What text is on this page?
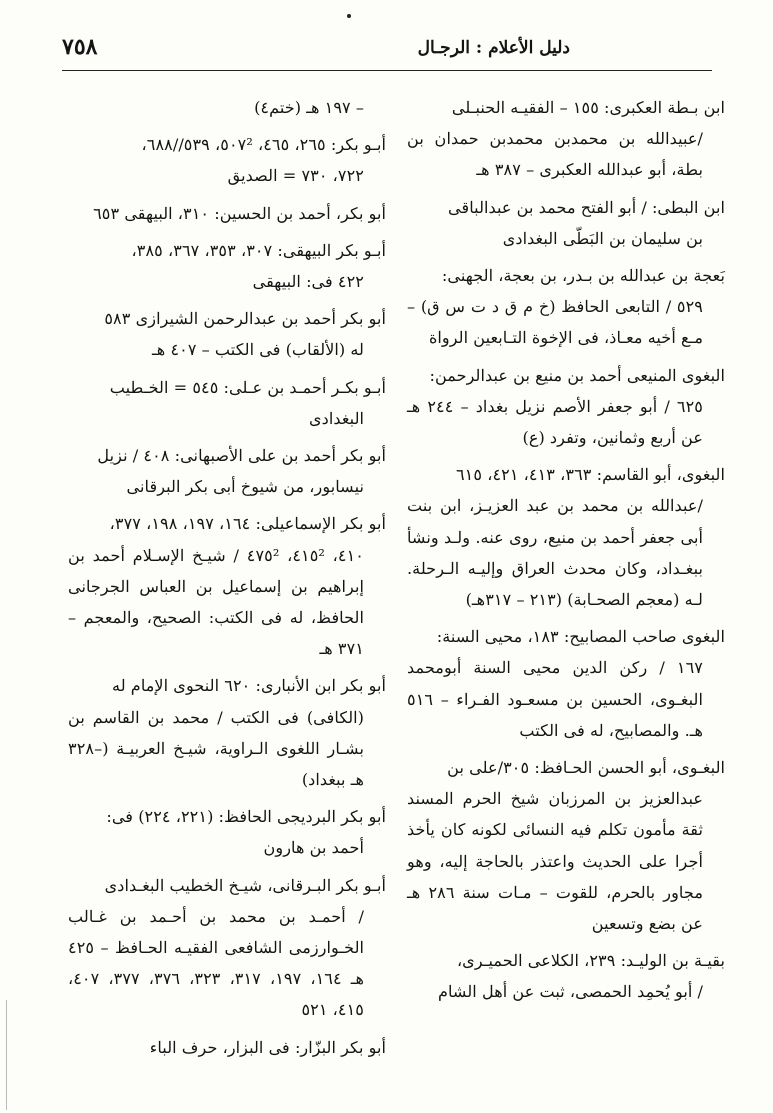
٧٥٨	دليل الأعلام : الرجـال
ابن بـطة العكبرى: ١٥٥ – الفقيـه الحنبـلى
/عبيدالله بن محمدبن محمدبن حمدان بن بطة، أبو عبدالله العكبرى – ٣٨٧ هـ
ابن البطى: / أبو الفتح محمد بن عبدالباقى
بن سليمان بن البَطّى البغدادى
بَعجة بن عبدالله بن بـدر، بن بعجة، الجهنى:
٥٢٩ / التابعى الحافظ (خ م ق د ت س ق) – مـع أخيه معـاذ، فى الإخوة التـابعين الرواة
البغوى المنيعى أحمد بن منيع بن عبدالرحمن:
٦٢٥ / أبو جعفر الأصم نزيل بغداد – ٢٤٤ هـ عن أربع وثمانين، وتفرد (ع)
البغوى، أبو القاسم: ٣٦٣، ٤١٣، ٤٢١، ٦١٥
/عبدالله بن محمد بن عبد العزيـز، ابن بنت أبى جعفر أحمد بن منيع، روى عنه. ولـد ونشأ ببغـداد، وكان محدث العراق وإليـه الـرحلة. لـه (معجم الصحـابة) (٢١٣ – ٣١٧هـ)
البغوى صاحب المصابيح: ١٨٣، محيى السنة:
١٦٧ / ركن الدين محيى السنة أبومحمد البغـوى، الحسين بن مسعـود الفـراء – ٥١٦ هـ. والمصابيح، له فى الكتب
البغـوى، أبو الحسن الحـافظ: ٣٠٥/على بن
عبدالعزيز بن المرزبان شيخ الحرم المسند ثقة مأمون تكلم فيه النسائى لكونه كان يأخذ أجرا على الحديث واعتذر بالحاجة إليه، وهو مجاور بالحرم، للقوت – مـات سنة ٢٨٦ هـ عن بضع وتسعين
بقيـة بن الوليـد: ٢٣٩، الكلاعى الحميـرى،
/ أبو يُحمِد الحمصى، ثبت عن أهل الشام
– ١٩٧ هـ (ختم٤)
أبـو بكر: ٢٦٥، ٤٦٥، ٥٠٧²، ٥٣٩//٦٨٨،
٧٢٢، ٧٣٠ = الصديق
أبو بكر، أحمد بن الحسين: ٣١٠، البيهقى ٦٥٣
أبـو بكر البيهقى: ٣٠٧، ٣٥٣، ٣٦٧، ٣٨٥،
٤٢٢ فى: البيهقى
أبو بكر أحمد بن عبدالرحمن الشيرازى ٥٨٣
له (الألقاب) فى الكتب – ٤٠٧ هـ
أبـو بكـر أحمـد بن عـلى: ٥٤٥ = الخـطيب
البغدادى
أبو بكر أحمد بن على الأصبهانى: ٤٠٨ / نزيل
نيسابور، من شيوخ أبى بكر البرقانى
أبو بكر الإسماعيلى: ١٦٤، ١٩٧، ١٩٨، ٣٧٧،
٤١٠، ٤١٥²، ٤٧٥² / شيـخ الإسـلام أحمد بن إبراهيم بن إسماعيل بن العباس الجرجانى الحافظ، له فى الكتب: الصحيح، والمعجم – ٣٧١ هـ
أبو بكر ابن الأنبارى: ٦٢٠ النحوى الإمام له
(الكافى) فى الكتب / محمد بن القاسم بن بشـار اللغوى الـراوية، شيـخ العربيـة (–٣٢٨ هـ ببغداد)
أبو بكر البرديجى الحافظ: (٢٢١، ٢٢٤) فى:
أحمد بن هارون
أبـو بكر البـرقانى، شيـخ الخطيب البغـدادى
/ أحمـد بن محمد بن أحـمد بن غـالب الخـوارزمى الشافعى الفقيـه الحـافظ – ٤٢٥ هـ ١٦٤، ١٩٧، ٣١٧، ٣٢٣، ٣٧٦، ٣٧٧، ٤٠٧، ٤١٥، ٥٢١
أبو بكر البزّار: فى البزار، حرف الباء
